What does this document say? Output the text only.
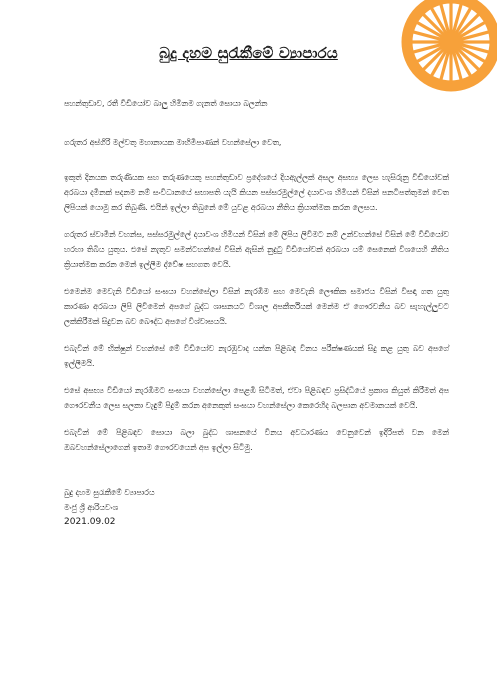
බුදු දහම සුරැකීමේ ව්‍යාපාරය

පහන්තුඩාව, රතී වීඩියෝව බාලු හිමිනම ගැනත් සොයා බලන්න

ගරුතර අස්ගිරි මල්වතු මහානායක මාහිමිපාණන් වහන්සේලා වෙත,

ඉකුත් දිනයක තරුණියක සහ තරුණයෙකු පහන්තුඩාව ප්‍රදේශයේ දියඇල්ලක් අසල අසභ්‍ය ලෙස හැසිරුනු වීඩියෝවක් අරබයා දමිනක් පදනම නම් සංවිධානයේ සභාපති යැයි කියන පස්සරමුල්ලේ දයාවංශ හිමියන් විසින් පනටිපත්තුමන් වෙත ලිපියක් යොමු කර තිබුණි. එයින් ඉල්ලා තිබුනේ මේ යුවළ අරබයා නීතිය ක්‍රියාත්මක කරන ලෙසය.

ගරුතර ස්වාමීන් වහන්ස, පස්සරමුල්ලේ දයාවංශ හිමියන් විසින් මේ ලිපිය ලිවීමට නම් උන්වහන්සේ විසින් මේ වීඩියෝව හරහා තිබිය යුතුය. එසේ නැතුව සමන්ටහන්සේ විසින් ඇසින් නුදුටු වීඩියෝවක් අරබයා යම් සෙනෙක් විශයෙහි නීතිය ක්‍රියාත්මක කරන මෙන් ඉල්ලීම ද්වේෂ සහගත වෙයි.

එමෙන්ම මෙවැනි වීඩියෝ සංඝයා වහන්සේලා විසින් නැරඹීම සහ මෙවැනි ලෞකික සමාජය විසින් විසඳා ගත යුතු කාරණා අරබයා ලිපි ලිවීමෙන් අපගේ බුද්ධ ශාසනයට විශාල අපකීර්තියක් මෙන්ම ඒ ගෞරවනීය බව සැහැල්ලුවට ලක්කිරීමක් සිදුවන බව බෞද්ධ අපගේ විශ්වාසයයි.

එබැවින් මේ භික්ෂුන් වහන්සේ මේ වීඩියෝව නැරඹුවාද යන්න පිළිබඳ විනය පරීක්ෂණයක් සිදු කළ යුතු බව අපගේ ඉල්ලීමයි.

එසේ අසභ්‍ය වීඩියෝ නැරඹීමට සංඝයා වහන්සේලා පෙළඹී සිටීමත්, ඒවා පිළිබඳව ප්‍රසිද්ධියේ ප්‍රකාශ කියුත් කිරීමත් අප ගෞරවනීය ලෙස සලකා වැඳුම් පිදුම් කරන අනෙකුත් සංඝයා වහන්සේලා කෙරෙහිද බලපාන අවමානයක් වෙයි.

එබැවින් මේ පිළිබඳව සොයා බලා බුද්ධ ශාසනයේ විනය අවධාරණය වෙනුවෙන් ඉදිරිපත් වන මෙන් ඔබවහන්සේලාගෙන් ඉතාම ගෞරවයෙන් අප ඉල්ලා සිටිමු.

බුදු දහම සුරැකීමේ ව්‍යාපාරය
මංජු ශ්‍රී ආරියවංශ
2021.09.02
